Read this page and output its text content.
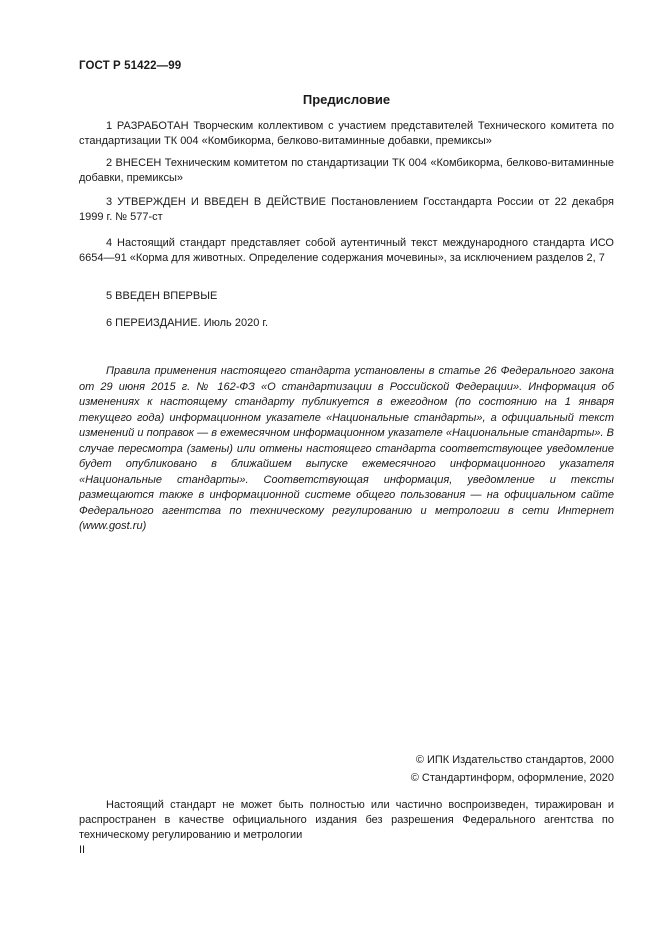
ГОСТ Р 51422—99
Предисловие

1 РАЗРАБОТАН Творческим коллективом с участием представителей Технического комитета по стандартизации ТК 004 «Комбикорма, белково-витаминные добавки, премиксы»

2 ВНЕСЕН Техническим комитетом по стандартизации ТК 004 «Комбикорма, белково-витаминные добавки, премиксы»

3 УТВЕРЖДЕН И ВВЕДЕН В ДЕЙСТВИЕ Постановлением Госстандарта России от 22 декабря 1999 г. № 577-ст

4 Настоящий стандарт представляет собой аутентичный текст международного стандарта ИСО 6654—91 «Корма для животных. Определение содержания мочевины», за исключением разделов 2, 7

5 ВВЕДЕН ВПЕРВЫЕ

6 ПЕРЕИЗДАНИЕ. Июль 2020 г.

Правила применения настоящего стандарта установлены в статье 26 Федерального закона от 29 июня 2015 г. № 162-ФЗ «О стандартизации в Российской Федерации». Информация об изменениях к настоящему стандарту публикуется в ежегодном (по состоянию на 1 января текущего года) информационном указателе «Национальные стандарты», а официальный текст изменений и поправок — в ежемесячном информационном указателе «Национальные стандарты». В случае пересмотра (замены) или отмены настоящего стандарта соответствующее уведомление будет опубликовано в ближайшем выпуске ежемесячного информационного указателя «Национальные стандарты». Соответствующая информация, уведомление и тексты размещаются также в информационной системе общего пользования — на официальном сайте Федерального агентства по техническому регулированию и метрологии в сети Интернет (www.gost.ru)

© ИПК Издательство стандартов, 2000
© Стандартинформ, оформление, 2020

Настоящий стандарт не может быть полностью или частично воспроизведен, тиражирован и распространен в качестве официального издания без разрешения Федерального агентства по техническому регулированию и метрологии

II
